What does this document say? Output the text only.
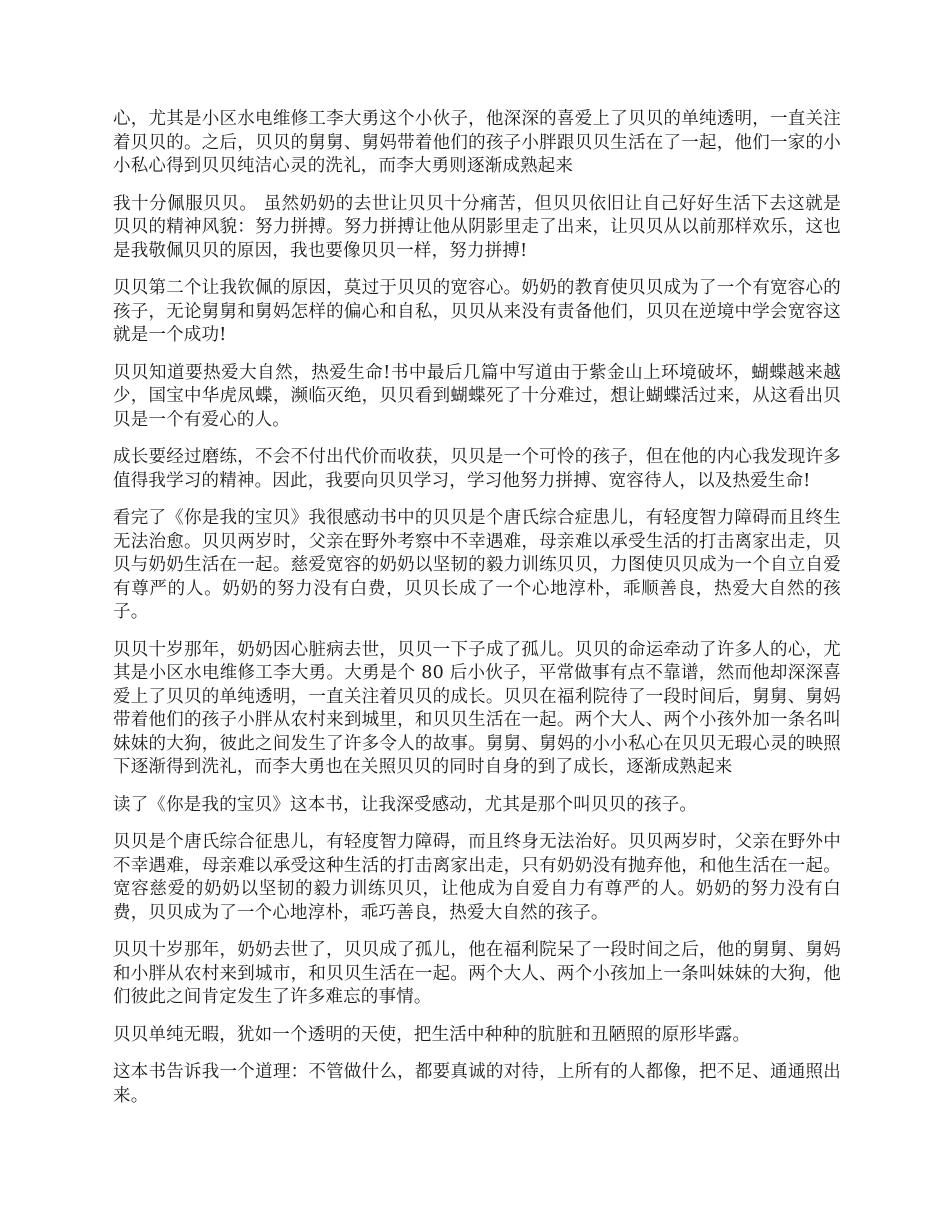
心，尤其是小区水电维修工李大勇这个小伙子，他深深的喜爱上了贝贝的单纯透明，一直关注着贝贝的。之后，贝贝的舅舅、舅妈带着他们的孩子小胖跟贝贝生活在了一起，他们一家的小小私心得到贝贝纯洁心灵的洗礼，而李大勇则逐渐成熟起来

我十分佩服贝贝。 虽然奶奶的去世让贝贝十分痛苦，但贝贝依旧让自己好好生活下去这就是贝贝的精神风貌：努力拼搏。努力拼搏让他从阴影里走了出来，让贝贝从以前那样欢乐，这也是我敬佩贝贝的原因，我也要像贝贝一样，努力拼搏!

贝贝第二个让我钦佩的原因，莫过于贝贝的宽容心。奶奶的教育使贝贝成为了一个有宽容心的孩子，无论舅舅和舅妈怎样的偏心和自私，贝贝从来没有责备他们，贝贝在逆境中学会宽容这就是一个成功!

贝贝知道要热爱大自然，热爱生命!书中最后几篇中写道由于紫金山上环境破坏，蝴蝶越来越少，国宝中华虎凤蝶，濒临灭绝，贝贝看到蝴蝶死了十分难过，想让蝴蝶活过来，从这看出贝贝是一个有爱心的人。

成长要经过磨练，不会不付出代价而收获，贝贝是一个可怜的孩子，但在他的内心我发现许多值得我学习的精神。因此，我要向贝贝学习，学习他努力拼搏、宽容待人，以及热爱生命!

看完了《你是我的宝贝》我很感动书中的贝贝是个唐氏综合症患儿，有轻度智力障碍而且终生无法治愈。贝贝两岁时，父亲在野外考察中不幸遇难，母亲难以承受生活的打击离家出走，贝贝与奶奶生活在一起。慈爱宽容的奶奶以坚韧的毅力训练贝贝，力图使贝贝成为一个自立自爱有尊严的人。奶奶的努力没有白费，贝贝长成了一个心地淳朴，乖顺善良，热爱大自然的孩子。

贝贝十岁那年，奶奶因心脏病去世，贝贝一下子成了孤儿。贝贝的命运牵动了许多人的心，尤其是小区水电维修工李大勇。大勇是个 80 后小伙子，平常做事有点不靠谱，然而他却深深喜爱上了贝贝的单纯透明，一直关注着贝贝的成长。贝贝在福利院待了一段时间后，舅舅、舅妈带着他们的孩子小胖从农村来到城里，和贝贝生活在一起。两个大人、两个小孩外加一条名叫妹妹的大狗，彼此之间发生了许多令人的故事。舅舅、舅妈的小小私心在贝贝无瑕心灵的映照下逐渐得到洗礼，而李大勇也在关照贝贝的同时自身的到了成长，逐渐成熟起来

读了《你是我的宝贝》这本书，让我深受感动，尤其是那个叫贝贝的孩子。

贝贝是个唐氏综合征患儿，有轻度智力障碍，而且终身无法治好。贝贝两岁时，父亲在野外中不幸遇难，母亲难以承受这种生活的打击离家出走，只有奶奶没有抛弃他，和他生活在一起。宽容慈爱的奶奶以坚韧的毅力训练贝贝，让他成为自爱自力有尊严的人。奶奶的努力没有白费，贝贝成为了一个心地淳朴，乖巧善良，热爱大自然的孩子。

贝贝十岁那年，奶奶去世了，贝贝成了孤儿，他在福利院呆了一段时间之后，他的舅舅、舅妈和小胖从农村来到城市，和贝贝生活在一起。两个大人、两个小孩加上一条叫妹妹的大狗，他们彼此之间肯定发生了许多难忘的事情。

贝贝单纯无暇，犹如一个透明的天使，把生活中种种的肮脏和丑陋照的原形毕露。

这本书告诉我一个道理：不管做什么，都要真诚的对待，上所有的人都像，把不足、通通照出来。
